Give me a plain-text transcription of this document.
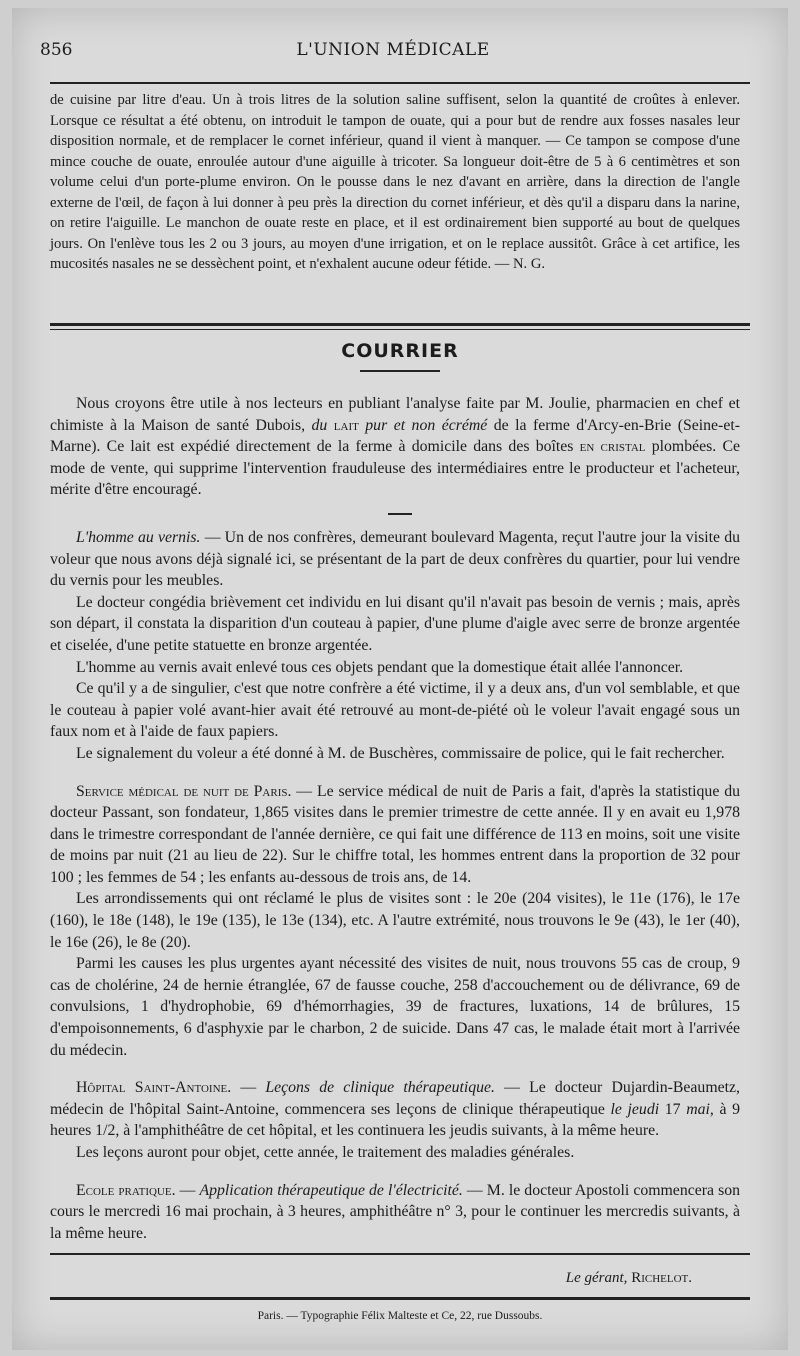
856	L'UNION MÉDICALE

de cuisine par litre d'eau. Un à trois litres de la solution saline suffisent, selon la quantité de croûtes à enlever. Lorsque ce résultat a été obtenu, on introduit le tampon de ouate, qui a pour but de rendre aux fosses nasales leur disposition normale, et de remplacer le cornet inférieur, quand il vient à manquer. — Ce tampon se compose d'une mince couche de ouate, enroulée autour d'une aiguille à tricoter. Sa longueur doit-être de 5 à 6 centimètres et son volume celui d'un porte-plume environ. On le pousse dans le nez d'avant en arrière, dans la direction de l'angle externe de l'œil, de façon à lui donner à peu près la direction du cornet inférieur, et dès qu'il a disparu dans la narine, on retire l'aiguille. Le manchon de ouate reste en place, et il est ordinairement bien supporté au bout de quelques jours. On l'enlève tous les 2 ou 3 jours, au moyen d'une irrigation, et on le replace aussitôt. Grâce à cet artifice, les mucosités nasales ne se dessèchent point, et n'exhalent aucune odeur fétide. — N. G.

COURRIER

Nous croyons être utile à nos lecteurs en publiant l'analyse faite par M. Joulie, pharmacien en chef et chimiste à la Maison de santé Dubois, du lait pur et non écrémé de la ferme d'Arcy-en-Brie (Seine-et-Marne). Ce lait est expédié directement de la ferme à domicile dans des boîtes en cristal plombées. Ce mode de vente, qui supprime l'intervention frauduleuse des intermédiaires entre le producteur et l'acheteur, mérite d'être encouragé.

L'homme au vernis. — Un de nos confrères, demeurant boulevard Magenta, reçut l'autre jour la visite du voleur que nous avons déjà signalé ici, se présentant de la part de deux confrères du quartier, pour lui vendre du vernis pour les meubles.

Le docteur congédia brièvement cet individu en lui disant qu'il n'avait pas besoin de vernis ; mais, après son départ, il constata la disparition d'un couteau à papier, d'une plume d'aigle avec serre de bronze argentée et ciselée, d'une petite statuette en bronze argentée.

L'homme au vernis avait enlevé tous ces objets pendant que la domestique était allée l'annoncer.

Ce qu'il y a de singulier, c'est que notre confrère a été victime, il y a deux ans, d'un vol semblable, et que le couteau à papier volé avant-hier avait été retrouvé au mont-de-piété où le voleur l'avait engagé sous un faux nom et à l'aide de faux papiers.

Le signalement du voleur a été donné à M. de Buschères, commissaire de police, qui le fait rechercher.

Service médical de nuit de Paris. — Le service médical de nuit de Paris a fait, d'après la statistique du docteur Passant, son fondateur, 1,865 visites dans le premier trimestre de cette année. Il y en avait eu 1,978 dans le trimestre correspondant de l'année dernière, ce qui fait une différence de 113 en moins, soit une visite de moins par nuit (21 au lieu de 22). Sur le chiffre total, les hommes entrent dans la proportion de 32 pour 100 ; les femmes de 54 ; les enfants au-dessous de trois ans, de 14.

Les arrondissements qui ont réclamé le plus de visites sont : le 20e (204 visites), le 11e (176), le 17e (160), le 18e (148), le 19e (135), le 13e (134), etc. A l'autre extrémité, nous trouvons le 9e (43), le 1er (40), le 16e (26), le 8e (20).

Parmi les causes les plus urgentes ayant nécessité des visites de nuit, nous trouvons 55 cas de croup, 9 cas de cholérine, 24 de hernie étranglée, 67 de fausse couche, 258 d'accouchement ou de délivrance, 69 de convulsions, 1 d'hydrophobie, 69 d'hémorrhagies, 39 de fractures, luxations, 14 de brûlures, 15 d'empoisonnements, 6 d'asphyxie par le charbon, 2 de suicide. Dans 47 cas, le malade était mort à l'arrivée du médecin.

Hôpital Saint-Antoine. — Leçons de clinique thérapeutique. — Le docteur Dujardin-Beaumetz, médecin de l'hôpital Saint-Antoine, commencera ses leçons de clinique thérapeutique le jeudi 17 mai, à 9 heures 1/2, à l'amphithéâtre de cet hôpital, et les continuera les jeudis suivants, à la même heure.

Les leçons auront pour objet, cette année, le traitement des maladies générales.

Ecole pratique. — Application thérapeutique de l'électricité. — M. le docteur Apostoli commencera son cours le mercredi 16 mai prochain, à 3 heures, amphithéâtre n° 3, pour le continuer les mercredis suivants, à la même heure.

Le gérant, Richelot.
Paris. — Typographie Félix Malteste et Ce, 22, rue Dussoubs.
